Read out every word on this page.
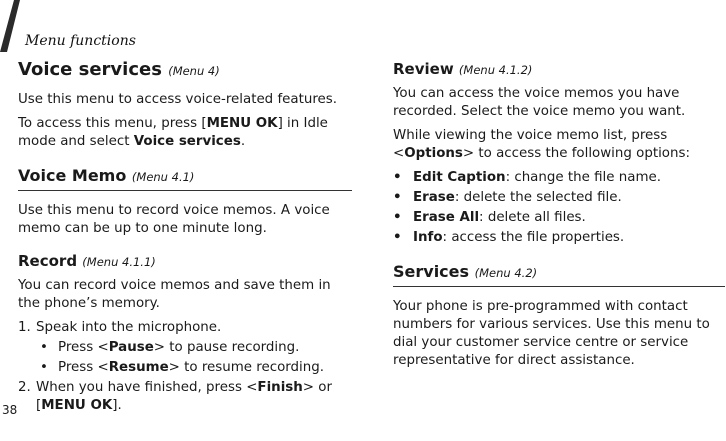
Menu functions
Voice services (Menu 4)

Use this menu to access voice-related features.

To access this menu, press [MENU OK] in Idle mode and select Voice services.

Voice Memo (Menu 4.1)

Use this menu to record voice memos. A voice memo can be up to one minute long.

Record (Menu 4.1.1)

You can record voice memos and save them in the phone’s memory.

1. Speak into the microphone.
• Press <Pause> to pause recording.
• Press <Resume> to resume recording.
2. When you have finished, press <Finish> or [MENU OK].
Review (Menu 4.1.2)

You can access the voice memos you have recorded. Select the voice memo you want.

While viewing the voice memo list, press <Options> to access the following options:

• Edit Caption: change the file name.
• Erase: delete the selected file.
• Erase All: delete all files.
• Info: access the file properties.
Services (Menu 4.2)

Your phone is pre-programmed with contact numbers for various services. Use this menu to dial your customer service centre or service representative for direct assistance.

38
